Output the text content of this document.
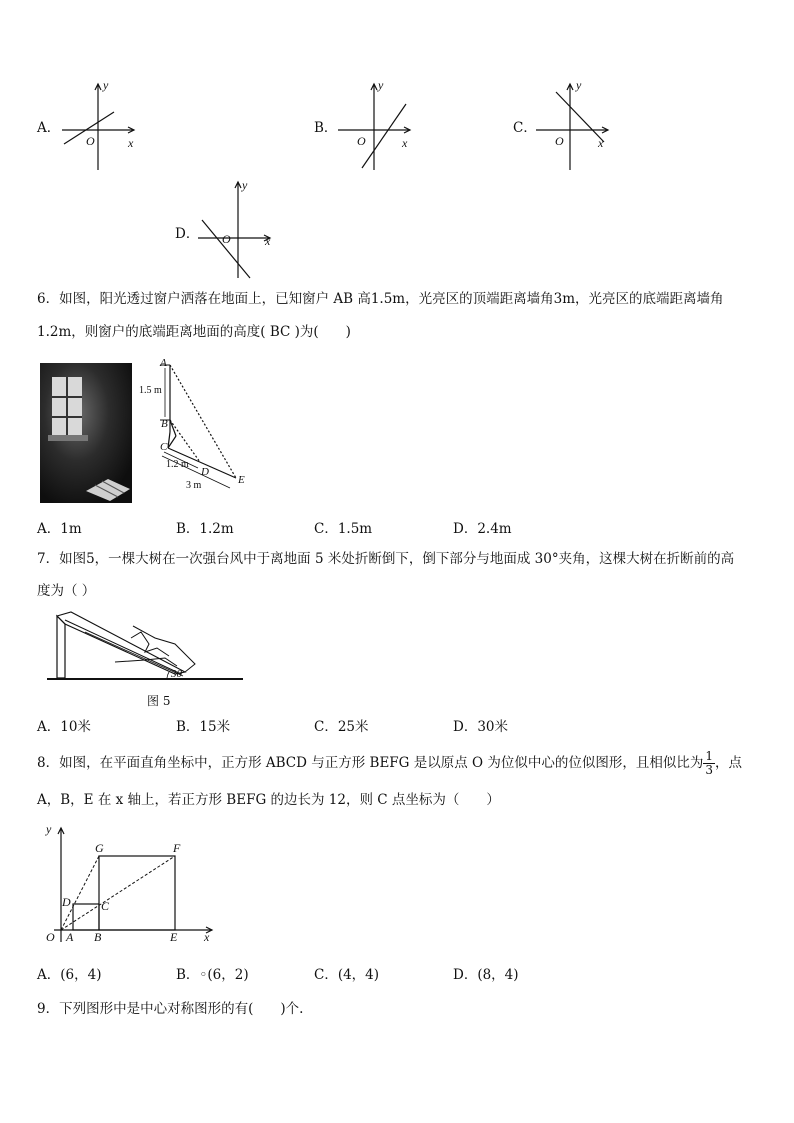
A．
y
O	x
B．
y
O	x
C．
y
O	x
D．
y
O	x
6．如图，阳光透过窗户洒落在地面上，已知窗户 AB 高1.5m，光亮区的顶端距离墙角3m，光亮区的底端距离墙角
1.2m，则窗户的底端距离地面的高度( BC )为(　　)
A
1.5 m
B
C
1.2 m
D
3 m	E
A．1m	B．1.2m	C．1.5m	D．2.4m
7．如图5，一棵大树在一次强台风中于离地面 5 米处折断倒下，倒下部分与地面成 30°夹角，这棵大树在折断前的高
度为（ ）
30
图 5
A．10米	B．15米	C．25米	D．30米
8．如图，在平面直角坐标中，正方形 ABCD 与正方形 BEFG 是以原点 O 为位似中心的位似图形，且相似比为 $\frac{1}{3}$ ，点
A，B，E 在 x 轴上，若正方形 BEFG 的边长为 12，则 C 点坐标为（　　）
y
G	F
D	C
O A B	E x
A．(6，4)	B．◦(6，2)	C．(4，4)	D．(8，4)
9．下列图形中是中心对称图形的有(　　)个.
